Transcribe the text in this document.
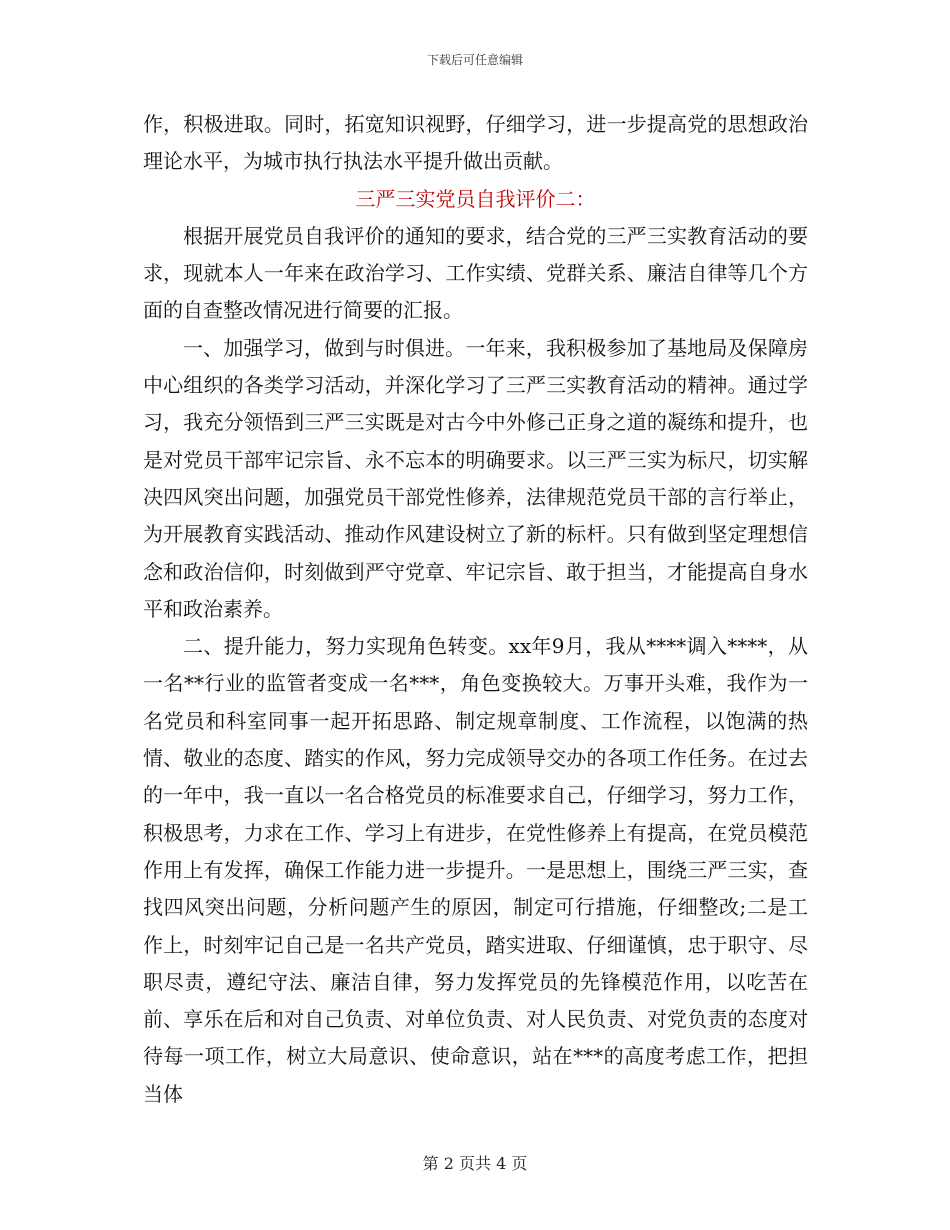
下载后可任意编辑

作，积极进取。同时，拓宽知识视野，仔细学习，进一步提高党的思想政治理论水平，为城市执行执法水平提升做出贡献。

三严三实党员自我评价二：

根据开展党员自我评价的通知的要求，结合党的三严三实教育活动的要求，现就本人一年来在政治学习、工作实绩、党群关系、廉洁自律等几个方面的自查整改情况进行简要的汇报。

一、加强学习，做到与时俱进。一年来，我积极参加了基地局及保障房中心组织的各类学习活动，并深化学习了三严三实教育活动的精神。通过学习，我充分领悟到三严三实既是对古今中外修己正身之道的凝练和提升，也是对党员干部牢记宗旨、永不忘本的明确要求。以三严三实为标尺，切实解决四风突出问题，加强党员干部党性修养，法律规范党员干部的言行举止，为开展教育实践活动、推动作风建设树立了新的标杆。只有做到坚定理想信念和政治信仰，时刻做到严守党章、牢记宗旨、敢于担当，才能提高自身水平和政治素养。

二、提升能力，努力实现角色转变。xx年9月，我从****调入****，从一名**行业的监管者变成一名***，角色变换较大。万事开头难，我作为一名党员和科室同事一起开拓思路、制定规章制度、工作流程，以饱满的热情、敬业的态度、踏实的作风，努力完成领导交办的各项工作任务。在过去的一年中，我一直以一名合格党员的标准要求自己，仔细学习，努力工作，积极思考，力求在工作、学习上有进步，在党性修养上有提高，在党员模范作用上有发挥，确保工作能力进一步提升。一是思想上，围绕三严三实，查找四风突出问题，分析问题产生的原因，制定可行措施，仔细整改;二是工作上，时刻牢记自己是一名共产党员，踏实进取、仔细谨慎，忠于职守、尽职尽责，遵纪守法、廉洁自律，努力发挥党员的先锋模范作用，以吃苦在前、享乐在后和对自己负责、对单位负责、对人民负责、对党负责的态度对待每一项工作，树立大局意识、使命意识，站在***的高度考虑工作，把担当体

第 2 页共 4 页
